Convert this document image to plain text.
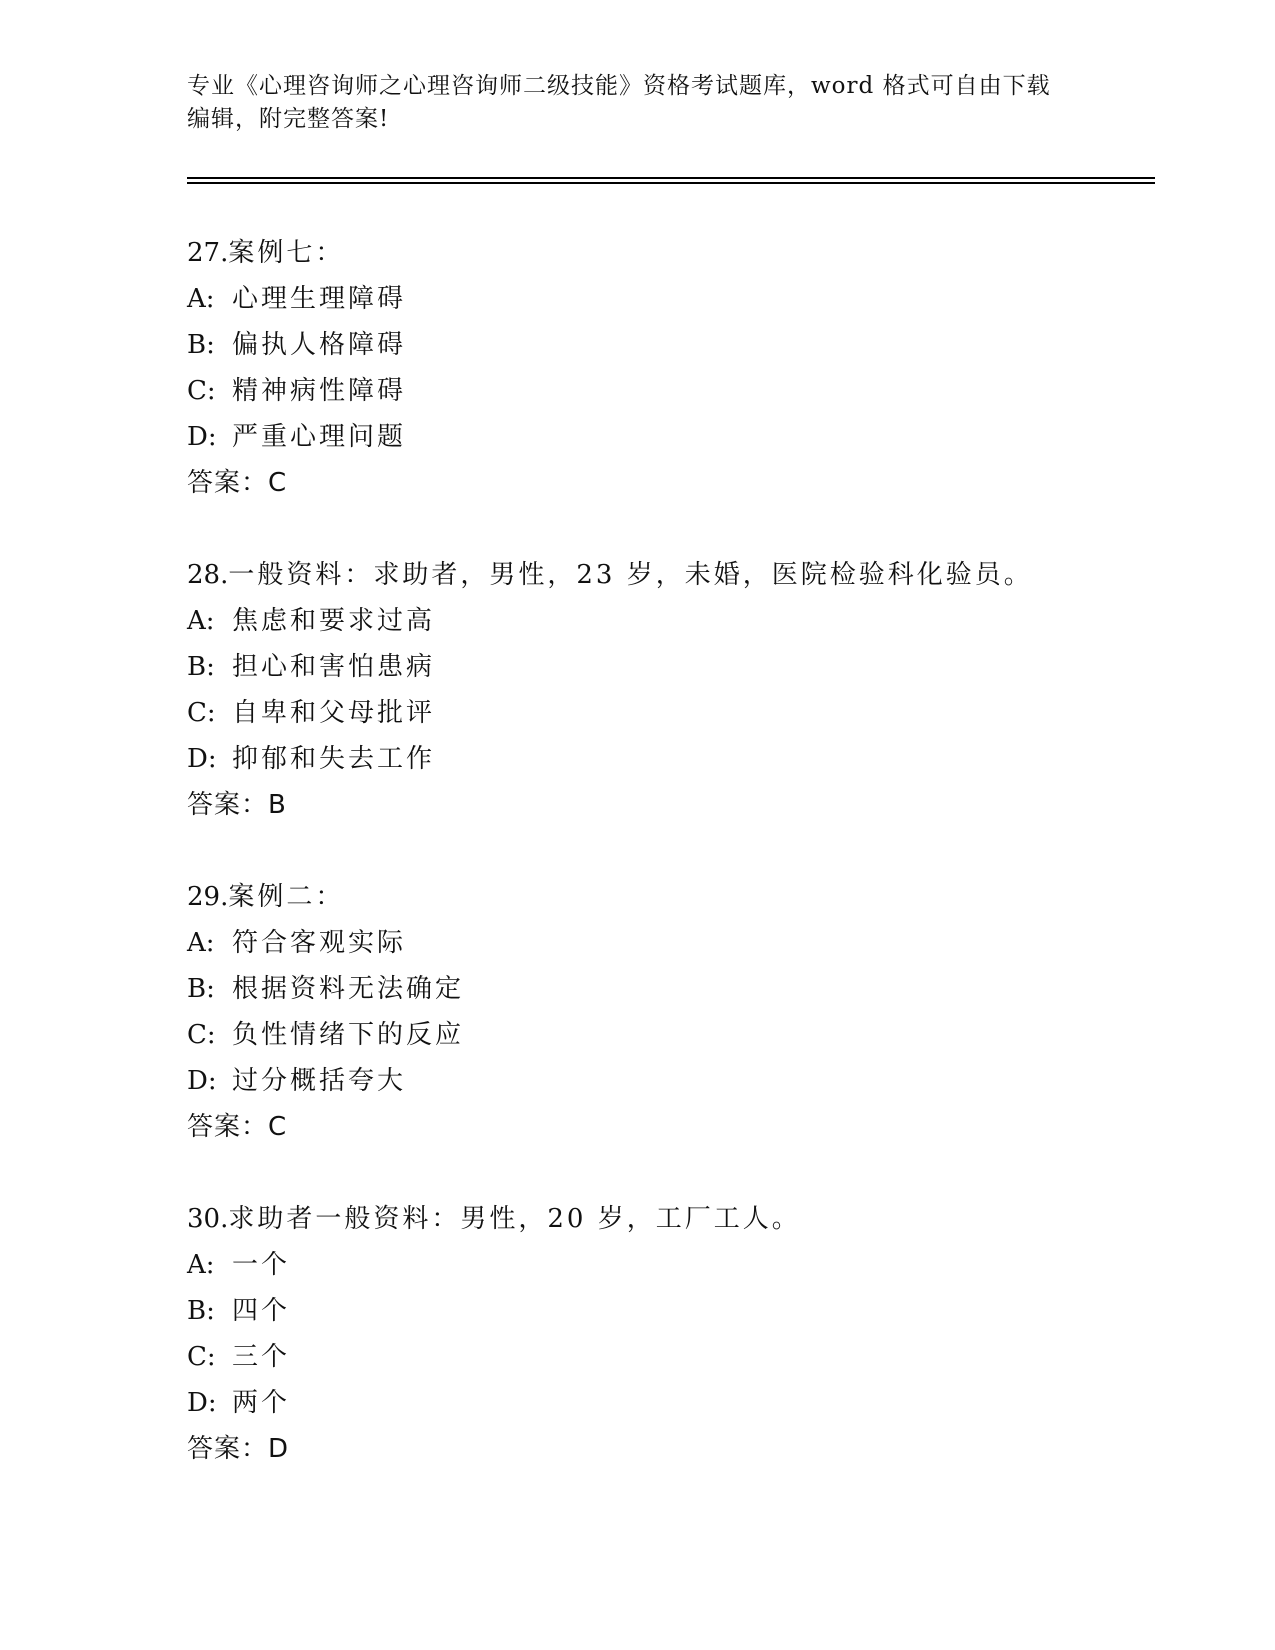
专业《心理咨询师之心理咨询师二级技能》资格考试题库，word 格式可自由下载
编辑，附完整答案!
27.案例七：
A: 心理生理障碍
B: 偏执人格障碍
C: 精神病性障碍
D: 严重心理问题
答案：C
28.一般资料：求助者，男性，23 岁，未婚，医院检验科化验员。
A: 焦虑和要求过高
B: 担心和害怕患病
C: 自卑和父母批评
D: 抑郁和失去工作
答案：B
29.案例二：
A: 符合客观实际
B: 根据资料无法确定
C: 负性情绪下的反应
D: 过分概括夸大
答案：C
30.求助者一般资料：男性，20 岁，工厂工人。
A: 一个
B: 四个
C: 三个
D: 两个
答案：D
